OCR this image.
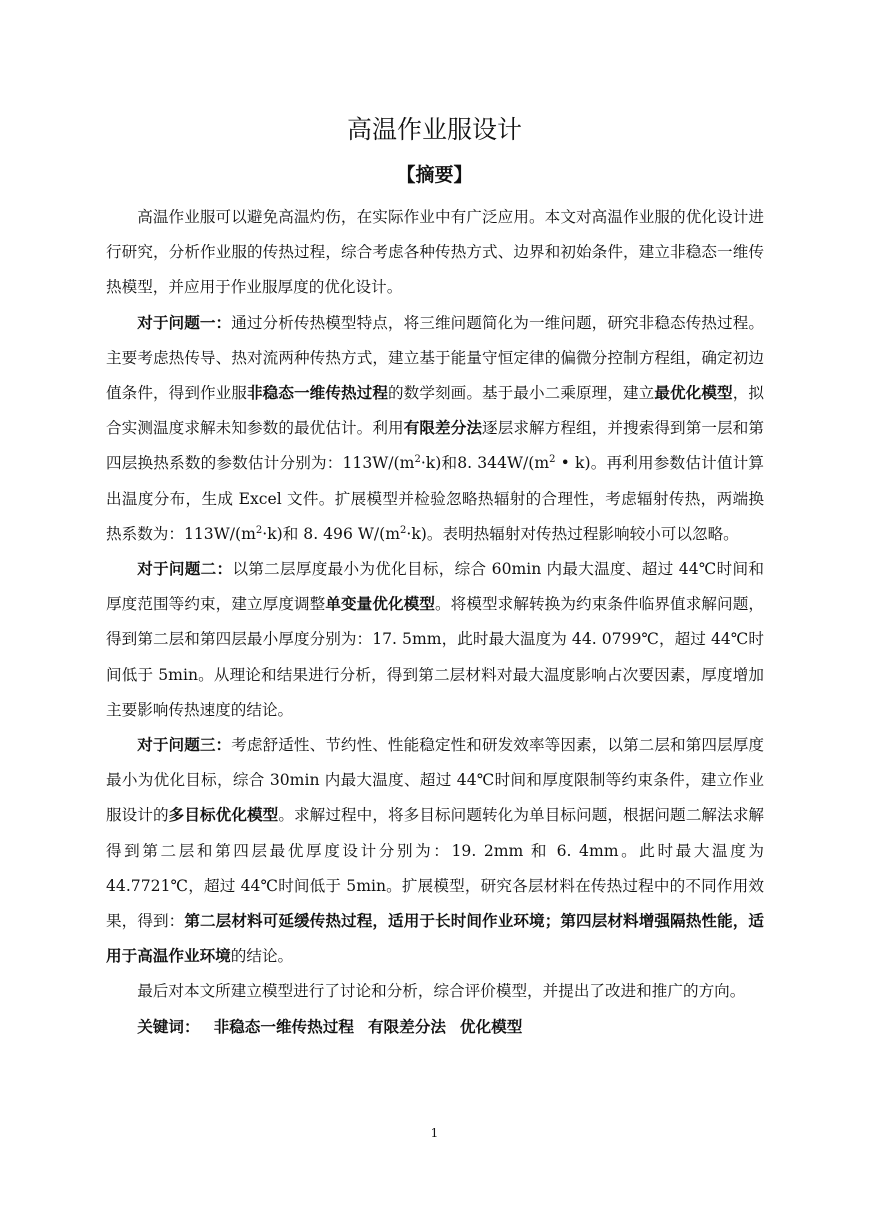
高温作业服设计
【摘要】

高温作业服可以避免高温灼伤，在实际作业中有广泛应用。本文对高温作业服的优化设计进行研究，分析作业服的传热过程，综合考虑各种传热方式、边界和初始条件，建立非稳态一维传热模型，并应用于作业服厚度的优化设计。

对于问题一：通过分析传热模型特点，将三维问题简化为一维问题，研究非稳态传热过程。主要考虑热传导、热对流两种传热方式，建立基于能量守恒定律的偏微分控制方程组，确定初边值条件，得到作业服非稳态一维传热过程的数学刻画。基于最小二乘原理，建立最优化模型，拟合实测温度求解未知参数的最优估计。利用有限差分法逐层求解方程组，并搜索得到第一层和第四层换热系数的参数估计分别为：$113W/(m^2\cdot k)$和8. $344W/(m^2$ • k)。再利用参数估计值计算出温度分布，生成 Excel 文件。扩展模型并检验忽略热辐射的合理性，考虑辐射传热，两端换热系数为：$113W/(m^2\cdot k)$和 8. 496 $W/(m^2\cdot k)$。表明热辐射对传热过程影响较小可以忽略。

对于问题二：以第二层厚度最小为优化目标，综合 60min 内最大温度、超过 44℃时间和厚度范围等约束，建立厚度调整单变量优化模型。将模型求解转换为约束条件临界值求解问题，得到第二层和第四层最小厚度分别为：17. 5mm，此时最大温度为 44. 0799℃，超过 44℃时间低于 5min。从理论和结果进行分析，得到第二层材料对最大温度影响占次要因素，厚度增加主要影响传热速度的结论。

对于问题三：考虑舒适性、节约性、性能稳定性和研发效率等因素，以第二层和第四层厚度最小为优化目标，综合 30min 内最大温度、超过 44℃时间和厚度限制等约束条件，建立作业服设计的多目标优化模型。求解过程中，将多目标问题转化为单目标问题，根据问题二解法求解得到第二层和第四层最优厚度设计分别为：19. 2mm 和 6. 4mm。此时最大温度为 44.7721℃，超过 44℃时间低于 5min。扩展模型，研究各层材料在传热过程中的不同作用效果，得到：第二层材料可延缓传热过程，适用于长时间作业环境；第四层材料增强隔热性能，适用于高温作业环境的结论。

最后对本文所建立模型进行了讨论和分析，综合评价模型，并提出了改进和推广的方向。

关键词： 非稳态一维传热过程 有限差分法 优化模型
1
